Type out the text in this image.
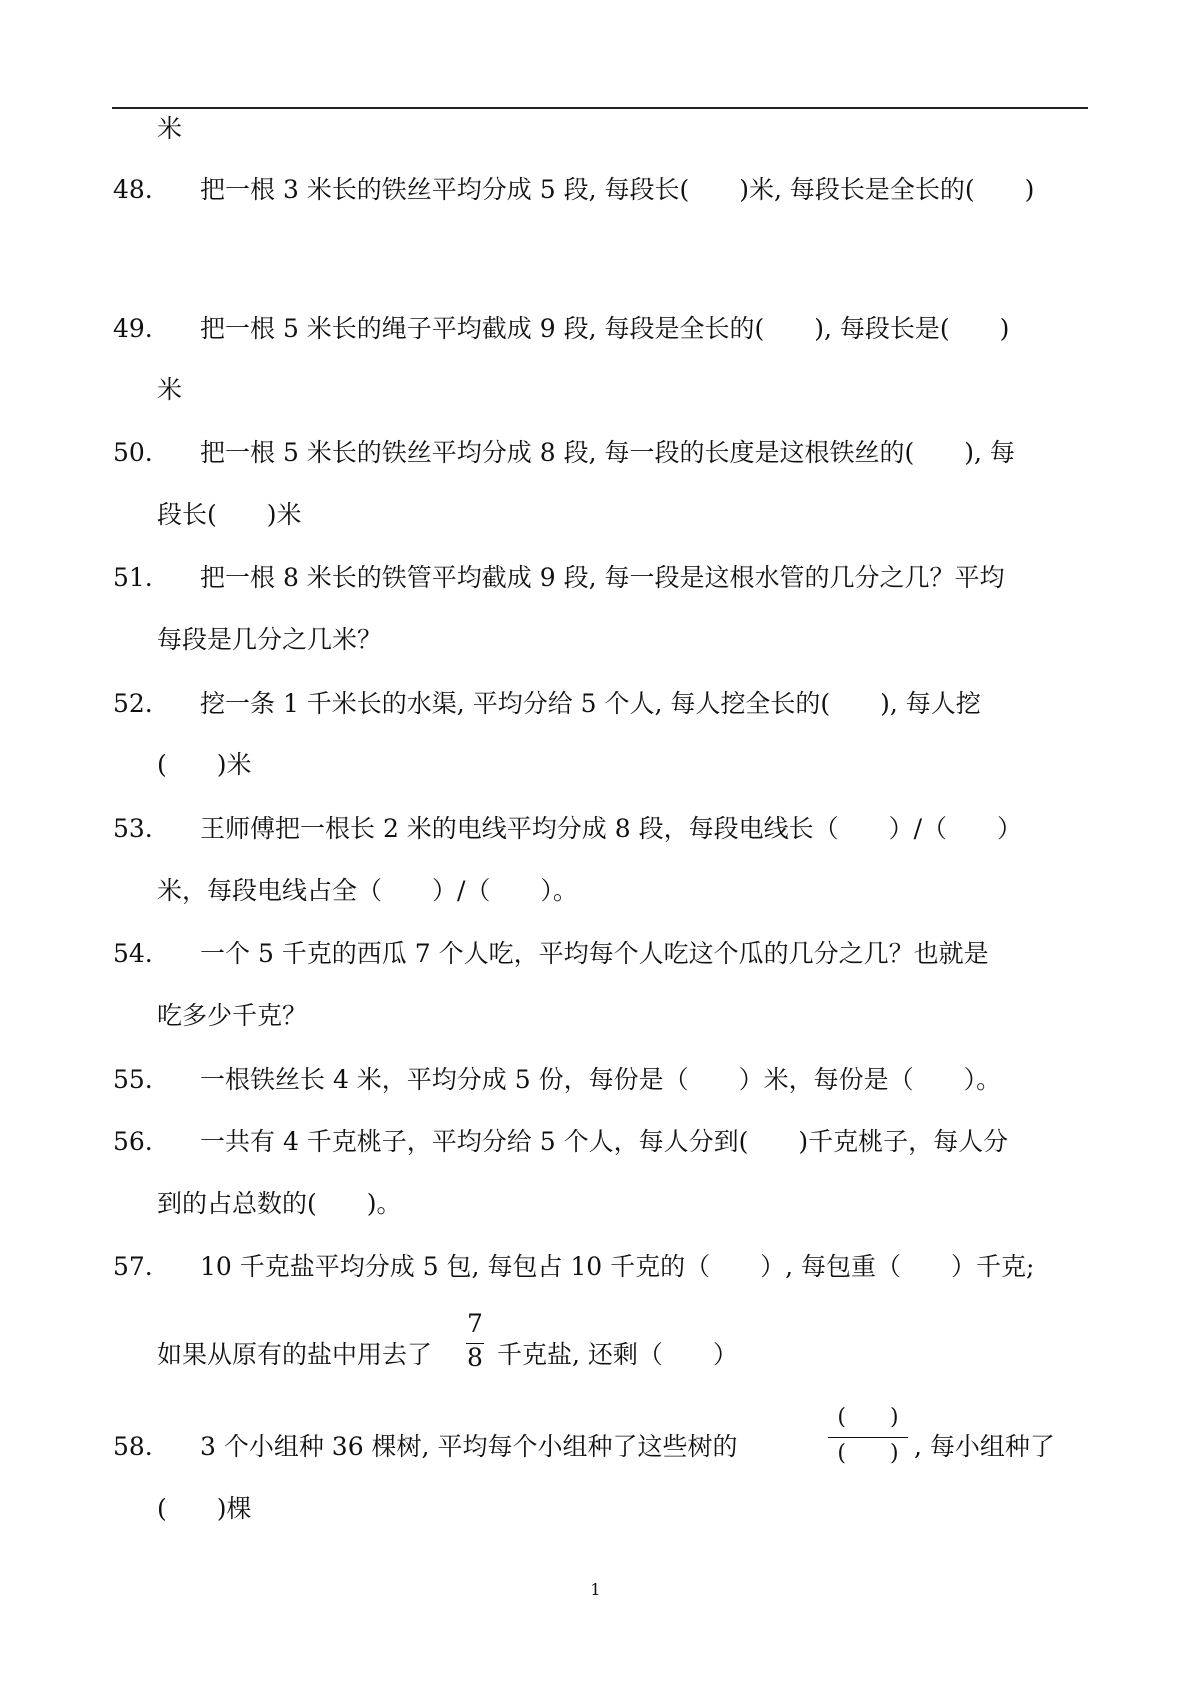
米
48. 把一根 3 米长的铁丝平均分成 5 段, 每段长(　　)米, 每段长是全长的(　　)
49. 把一根 5 米长的绳子平均截成 9 段, 每段是全长的(　　), 每段长是(　　)
米
50. 把一根 5 米长的铁丝平均分成 8 段, 每一段的长度是这根铁丝的(　　), 每
段长(　　)米
51. 把一根 8 米长的铁管平均截成 9 段, 每一段是这根水管的几分之几？平均
每段是几分之几米？
52. 挖一条 1 千米长的水渠, 平均分给 5 个人, 每人挖全长的(　　), 每人挖
(　　)米
53. 王师傅把一根长 2 米的电线平均分成 8 段，每段电线长（　　）/（　　）
米，每段电线占全（　　）/（　　）。
54. 一个 5 千克的西瓜 7 个人吃，平均每个人吃这个瓜的几分之几？也就是
吃多少千克？
55. 一根铁丝长 4 米，平均分成 5 份，每份是（　　）米，每份是（　　）。
56. 一共有 4 千克桃子，平均分给 5 个人，每人分到(　　)千克桃子，每人分
到的占总数的(　　)。
57. 10 千克盐平均分成 5 包, 每包占 10 千克的（　　）, 每包重（　　）千克;
如果从原有的盐中用去了
7
8 千克盐, 还剩（　　）
58. 3 个小组种 36 棵树, 平均每个小组种了这些树的
(　　)
(　　) , 每小组种了
(　　)棵
1
